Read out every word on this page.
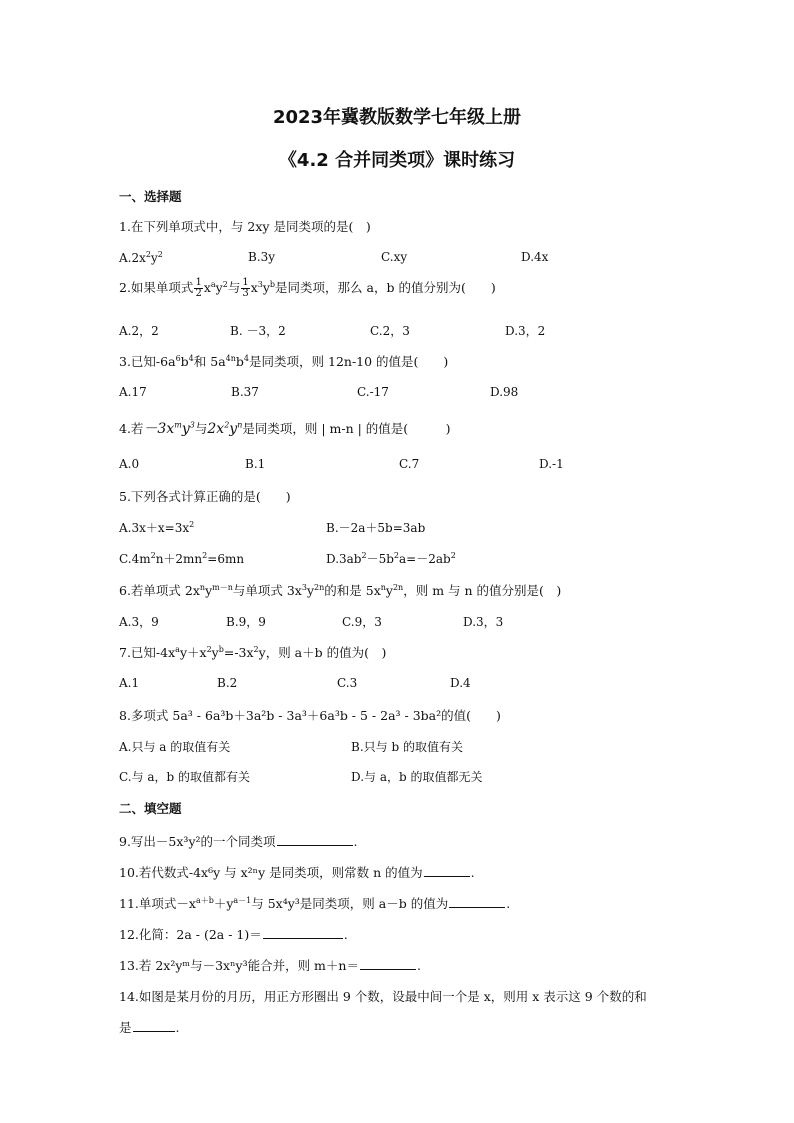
2023年冀教版数学七年级上册
《4.2 合并同类项》课时练习
一、选择题
1.在下列单项式中，与 2xy 是同类项的是(　)
$A.2x^2y^2$	B.3y	C.xy	D.4x
2.如果单项式 $\frac{1}{2} x^ay^2$与 $\frac{1}{3} x^3y^b$是同类项，那么 a，b 的值分别为(　　)
A.2，2	B. －3，2	C.2，3	D.3，2
3.已知$-6a^6b^4$和 $5a^{4n}b^4$是同类项，则 12n-10 的值是(　　)
A.17	B.37	C.-17	D.98
4.若$-3x^my^3$与$2x^2y^n$是同类项，则 | m-n | 的值是(　　　)
A.0	B.1	C.7	D.-1
5.下列各式计算正确的是(　　)
$A.3x+x=3x^2$	B.－2a＋5b=3ab
$C.4m^2n+2mn^2=6mn$	$D.3ab^2-5b^2a=-2ab^2$
6.若单项式 $2x^ny^{m-n}$与单项式 $3x^3y^{2n}$的和是 $5x^ny^{2n}$，则 m 与 n 的值分别是(　)
A.3，9	B.9，9	C.9，3	D.3，3
7.已知$-4x^ay+x^2y^b=-3x^2y$，则 a＋b 的值为(　)
A.1	B.2	C.3	D.4
8.多项式 5a³ - 6a³b＋3a²b - 3a³＋6a³b - 5 - 2a³ - 3ba²的值(　　)
A.只与 a 的取值有关	B.只与 b 的取值有关
C.与 a，b 的取值都有关	D.与 a，b 的取值都无关
二、填空题
9.写出－5x³y²的一个同类项	.
10.若代数式-4x⁶y 与 x²ⁿy 是同类项，则常数 n 的值为	.
11.单项式$-x^{a+b}+y^{a-1}$与 5x⁴y³是同类项，则 a－b 的值为	.
12.化简：2a - (2a - 1)＝	.
13.若 2x²yᵐ与－3xⁿy³能合并，则 m＋n＝	.
14.如图是某月份的月历，用正方形圈出 9 个数，设最中间一个是 x，则用 x 表示这 9 个数的和
是	.
